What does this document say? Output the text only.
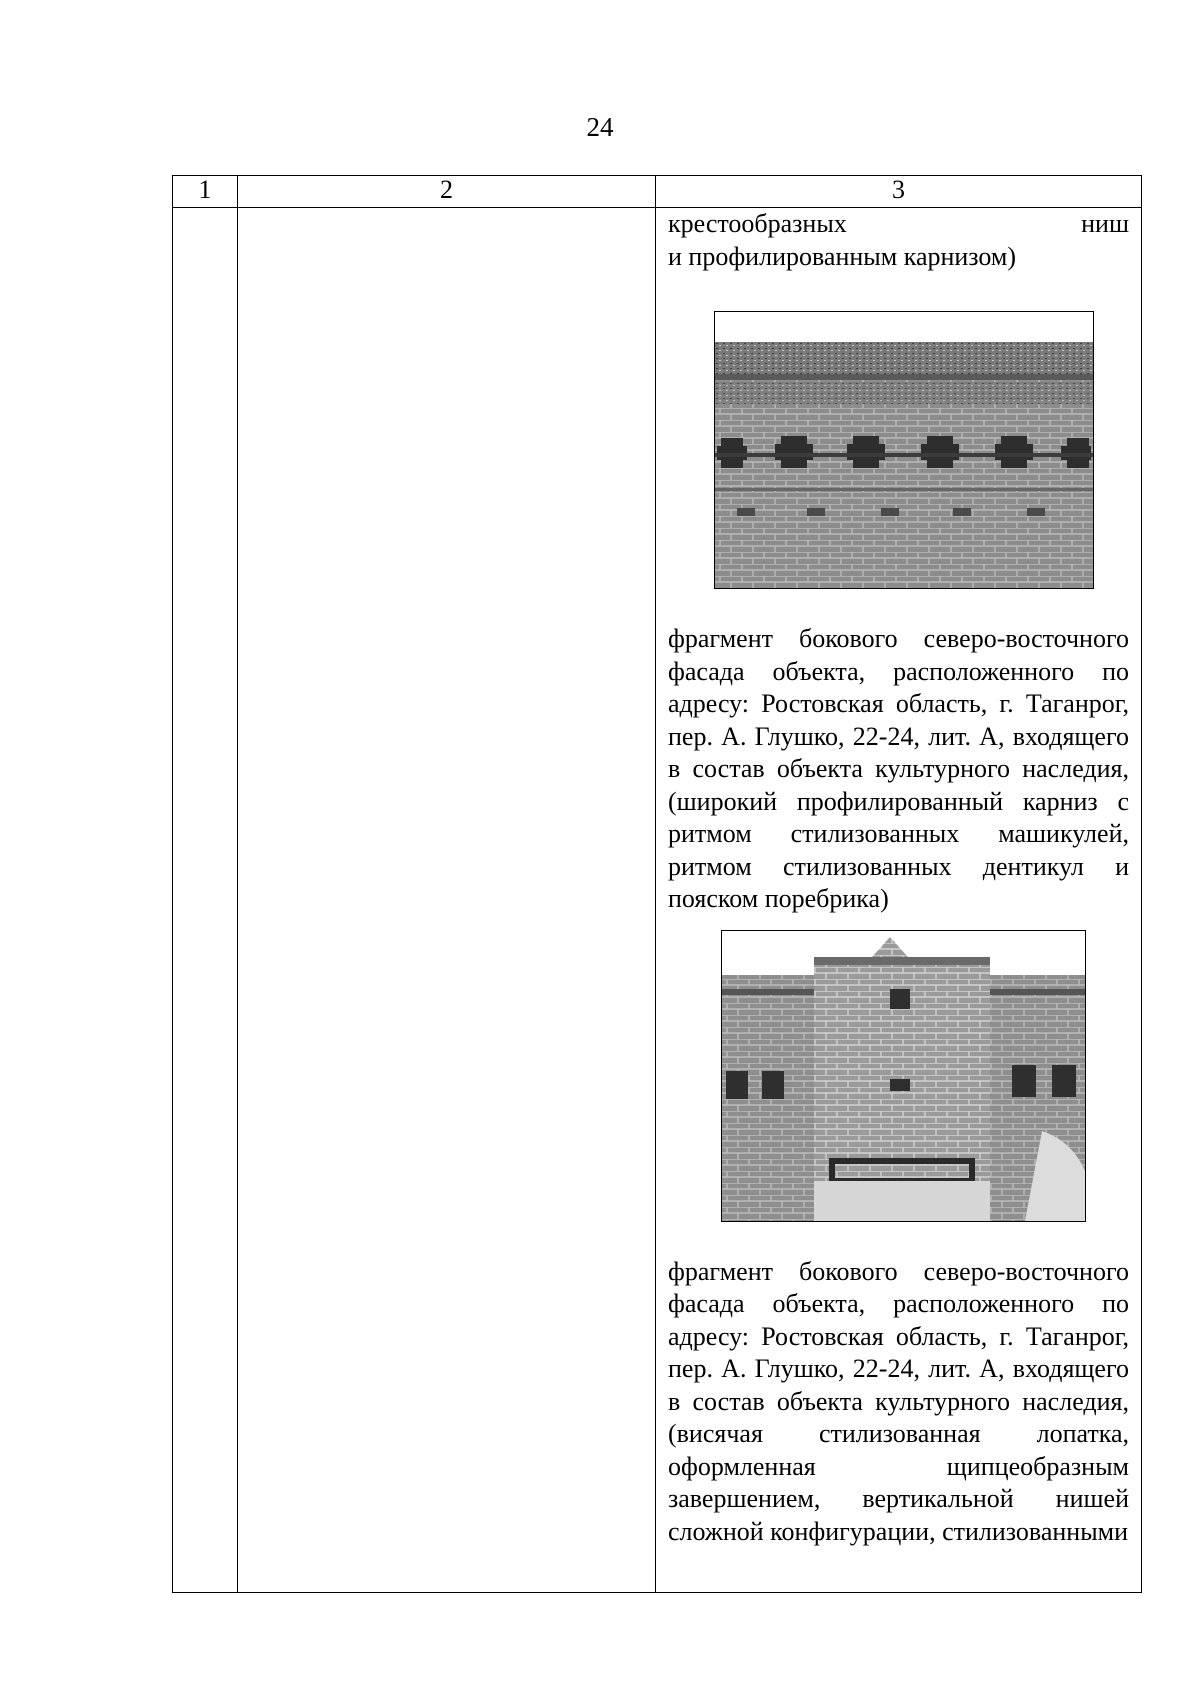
24
1	2	3

		крестообразных ниш

и профилированным карнизом)

фрагмент бокового северо-восточного фасада объекта, расположенного по адресу: Ростовская область, г. Таганрог, пер. А. Глушко, 22-24, лит. А, входящего в состав объекта культурного наследия, (широкий профилированный карниз с ритмом стилизованных машикулей, ритмом стилизованных дентикул и пояском поребрика)

фрагмент бокового северо-восточного фасада объекта, расположенного по адресу: Ростовская область, г. Таганрог, пер. А. Глушко, 22-24, лит. А, входящего в состав объекта культурного наследия, (висячая стилизованная лопатка, оформленная щипцеобразным завершением, вертикальной нишей сложной конфигурации, стилизованными
